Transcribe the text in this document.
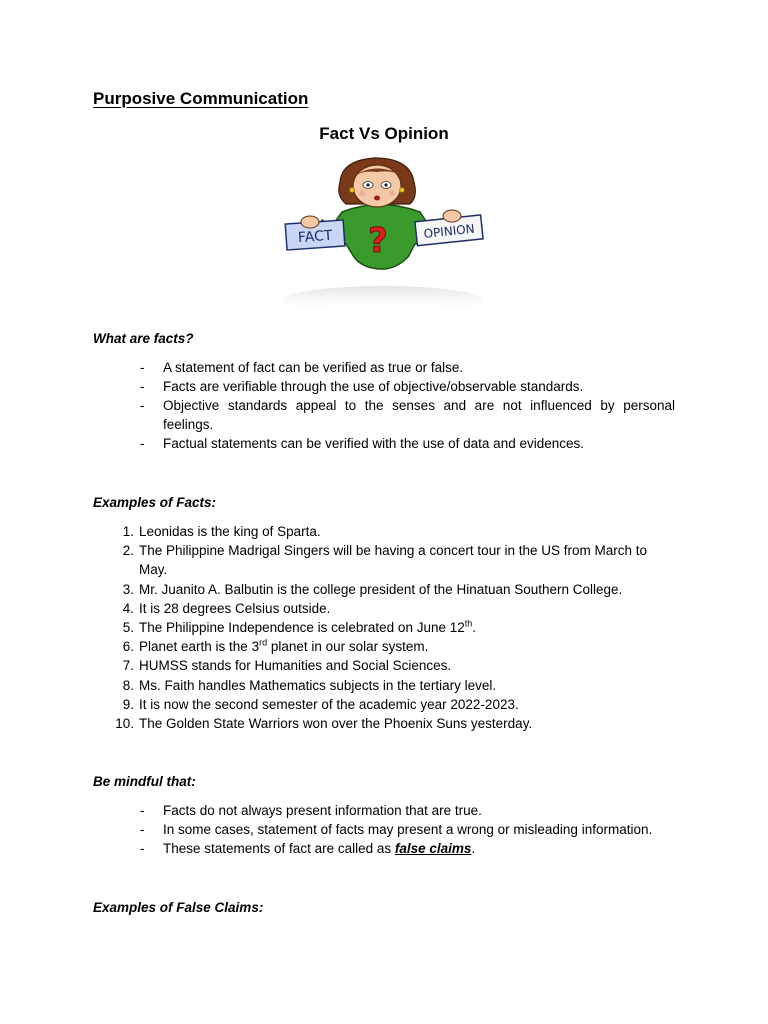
Purposive Communication
Fact Vs Opinion
?
FACT	OPINION
What are facts?
- A statement of fact can be verified as true or false.
- Facts are verifiable through the use of objective/observable standards.
- Objective standards appeal to the senses and are not influenced by personal feelings.
- Factual statements can be verified with the use of data and evidences.
Examples of Facts:
1. Leonidas is the king of Sparta.
2. The Philippine Madrigal Singers will be having a concert tour in the US from March to May.
3. Mr. Juanito A. Balbutin is the college president of the Hinatuan Southern College.
4. It is 28 degrees Celsius outside.
5. The Philippine Independence is celebrated on June 12th.
6. Planet earth is the 3rd planet in our solar system.
7. HUMSS stands for Humanities and Social Sciences.
8. Ms. Faith handles Mathematics subjects in the tertiary level.
9. It is now the second semester of the academic year 2022-2023.
10. The Golden State Warriors won over the Phoenix Suns yesterday.
Be mindful that:
- Facts do not always present information that are true.
- In some cases, statement of facts may present a wrong or misleading information.
- These statements of fact are called as false claims.
Examples of False Claims:
